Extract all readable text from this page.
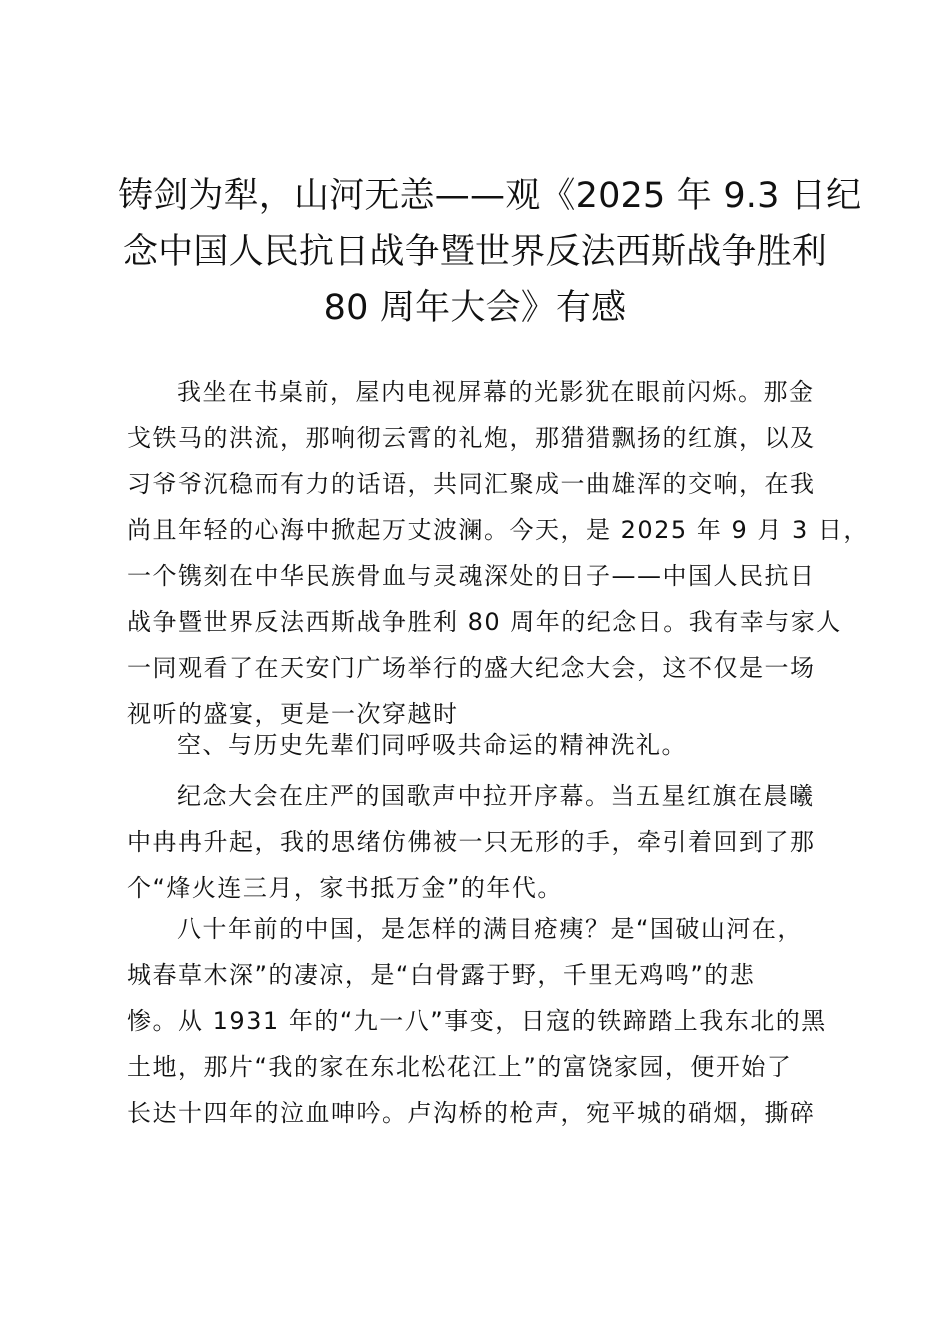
铸剑为犁，山河无恙——观《2025 年 9.3 日纪
念中国人民抗日战争暨世界反法西斯战争胜利
80 周年大会》有感

我坐在书桌前，屋内电视屏幕的光影犹在眼前闪烁。那金
戈铁马的洪流，那响彻云霄的礼炮，那猎猎飘扬的红旗，以及
习爷爷沉稳而有力的话语，共同汇聚成一曲雄浑的交响，在我
尚且年轻的心海中掀起万丈波澜。今天，是 2025 年 9 月 3 日，
一个镌刻在中华民族骨血与灵魂深处的日子——中国人民抗日
战争暨世界反法西斯战争胜利 80 周年的纪念日。我有幸与家人
一同观看了在天安门广场举行的盛大纪念大会，这不仅是一场
视听的盛宴，更是一次穿越时

空、与历史先辈们同呼吸共命运的精神洗礼。

纪念大会在庄严的国歌声中拉开序幕。当五星红旗在晨曦
中冉冉升起，我的思绪仿佛被一只无形的手，牵引着回到了那
个“烽火连三月，家书抵万金”的年代。

八十年前的中国，是怎样的满目疮痍？是“国破山河在，
城春草木深”的凄凉，是“白骨露于野，千里无鸡鸣”的悲
惨。从 1931 年的“九一八”事变，日寇的铁蹄踏上我东北的黑
土地，那片“我的家在东北松花江上”的富饶家园，便开始了
长达十四年的泣血呻吟。卢沟桥的枪声，宛平城的硝烟，撕碎
